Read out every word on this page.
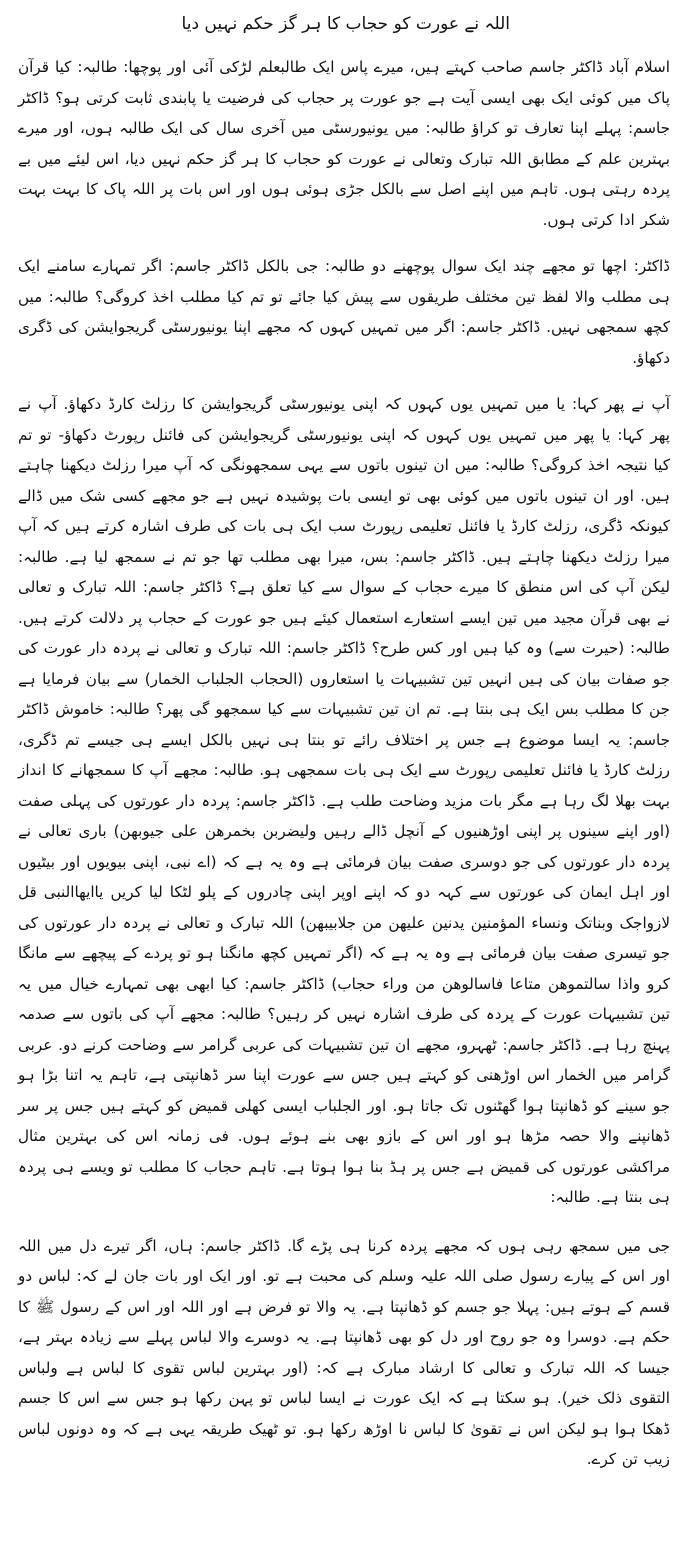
اللہ نے عورت کو حجاب کا ہر گز حکم نہیں دیا

اسلام آباد ڈاکٹر جاسم صاحب کہتے ہیں، میرے پاس ایک طالبعلم لڑکی آئی اور پوچھا: طالبہ: کیا قرآن پاک میں کوئی ایک بھی ایسی آیت ہے جو عورت پر حجاب کی فرضیت یا پابندی ثابت کرتی ہو؟ ڈاکٹر جاسم: پہلے اپنا تعارف تو کراؤ طالبہ: میں یونیورسٹی میں آخری سال کی ایک طالبہ ہوں، اور میرے بہترین علم کے مطابق اللہ تبارک وتعالی نے عورت کو حجاب کا ہر گز حکم نہیں دیا، اس لیئے میں بے پردہ رہتی ہوں. تاہم میں اپنے اصل سے بالکل جڑی ہوئی ہوں اور اس بات پر اللہ پاک کا بہت بہت شکر ادا کرتی ہوں.

ڈاکٹر: اچھا تو مجھے چند ایک سوال پوچھنے دو طالبہ: جی بالکل ڈاکٹر جاسم: اگر تمہارے سامنے ایک ہی مطلب والا لفظ تین مختلف طریقوں سے پیش کیا جائے تو تم کیا مطلب اخذ کروگی؟ طالبہ: میں کچھ سمجھی نہیں. ڈاکٹر جاسم: اگر میں تمہیں کہوں کہ مجھے اپنا یونیورسٹی گریجوایشن کی ڈگری دکھاؤ.

آپ نے پھر کہا: یا میں تمہیں یوں کہوں کہ اپنی یونیورسٹی گریجوایشن کا رزلٹ کارڈ دکھاؤ. آپ نے پھر کہا: یا پھر میں تمہیں یوں کہوں کہ اپنی یونیورسٹی گریجوایشن کی فائنل رپورٹ دکھاؤ- تو تم کیا نتیجہ اخذ کروگی؟ طالبہ: میں ان تینوں باتوں سے یہی سمجھونگی کہ آپ میرا رزلٹ دیکھنا چاہتے ہیں. اور ان تینوں باتوں میں کوئی بھی تو ایسی بات پوشیدہ نہیں ہے جو مجھے کسی شک میں ڈالے کیونکہ ڈگری، رزلٹ کارڈ یا فائنل تعلیمی رپورٹ سب ایک ہی بات کی طرف اشارہ کرتے ہیں کہ آپ میرا رزلٹ دیکھنا چاہتے ہیں. ڈاکٹر جاسم: بس، میرا بھی مطلب تھا جو تم نے سمجھ لیا ہے. طالبہ: لیکن آپ کی اس منطق کا میرے حجاب کے سوال سے کیا تعلق ہے؟ ڈاکٹر جاسم: اللہ تبارک و تعالی نے بھی قرآن مجید میں تین ایسے استعارے استعمال کیئے ہیں جو عورت کے حجاب پر دلالت کرتے ہیں. طالبہ: (حیرت سے) وہ کیا ہیں اور کس طرح؟ ڈاکٹر جاسم: اللہ تبارک و تعالی نے پردہ دار عورت کی جو صفات بیان کی ہیں انہیں تین تشبیہات یا استعاروں (الحجاب الجلباب الخمار) سے بیان فرمایا ہے جن کا مطلب بس ایک ہی بنتا ہے. تم ان تین تشبیہات سے کیا سمجھو گی پھر؟ طالبہ: خاموش ڈاکٹر جاسم: یہ ایسا موضوع ہے جس پر اختلاف رائے تو بنتا ہی نہیں بالکل ایسے ہی جیسے تم ڈگری، رزلٹ کارڈ یا فائنل تعلیمی رپورٹ سے ایک ہی بات سمجھی ہو. طالبہ: مجھے آپ کا سمجھانے کا انداز بہت بھلا لگ رہا ہے مگر بات مزید وضاحت طلب ہے. ڈاکٹر جاسم: پردہ دار عورتوں کی پہلی صفت (اور اپنے سینوں پر اپنی اوڑھنیوں کے آنچل ڈالے رہیں ولیضربن بخمرھن علی جیوبھن) باری تعالی نے پردہ دار عورتوں کی جو دوسری صفت بیان فرمائی ہے وہ یہ ہے کہ (اے نبی، اپنی بیویوں اور بیٹیوں اور اہل ایمان کی عورتوں سے کہہ دو کہ اپنے اوپر اپنی چادروں کے پلو لٹکا لیا کریں یاایھاالنبی قل لازواجک وبناتک ونساء المؤمنین یدنین علیھن من جلابیبھن) اللہ تبارک و تعالی نے پردہ دار عورتوں کی جو تیسری صفت بیان فرمائی ہے وہ یہ ہے کہ (اگر تمہیں کچھ مانگنا ہو تو پردے کے پیچھے سے مانگا کرو واذا سالتموھن متاعا فاسالوھن من وراء حجاب) ڈاکٹر جاسم: کیا ابھی بھی تمہارے خیال میں یہ تین تشبیہات عورت کے پردہ کی طرف اشارہ نہیں کر رہیں؟ طالبہ: مجھے آپ کی باتوں سے صدمہ پہنچ رہا ہے. ڈاکٹر جاسم: ٹھہرو، مجھے ان تین تشبیہات کی عربی گرامر سے وضاحت کرنے دو. عربی گرامر میں الخمار اس اوڑھنی کو کہتے ہیں جس سے عورت اپنا سر ڈھانپتی ہے، تاہم یہ اتنا بڑا ہو جو سینے کو ڈھانپتا ہوا گھٹنوں تک جاتا ہو. اور الجلباب ایسی کھلی قمیض کو کہتے ہیں جس پر سر ڈھانپنے والا حصہ مڑھا ہو اور اس کے بازو بھی بنے ہوئے ہوں. فی زمانہ اس کی بہترین مثال مراکشی عورتوں کی قمیض ہے جس پر ہڈ بنا ہوا ہوتا ہے. تاہم حجاب کا مطلب تو ویسے ہی پردہ ہی بنتا ہے. طالبہ:

جی میں سمجھ رہی ہوں کہ مجھے پردہ کرنا ہی پڑے گا. ڈاکٹر جاسم: ہاں، اگر تیرے دل میں اللہ اور اس کے پیارے رسول صلی اللہ علیہ وسلم کی محبت ہے تو. اور ایک اور بات جان لے کہ: لباس دو قسم کے ہوتے ہیں: پہلا جو جسم کو ڈھانپتا ہے. یہ والا تو فرض ہے اور اللہ اور اس کے رسول ﷺ کا حکم ہے. دوسرا وہ جو روح اور دل کو بھی ڈھانپتا ہے. یہ دوسرے والا لباس پہلے سے زیادہ بہتر ہے، جیسا کہ اللہ تبارک و تعالی کا ارشاد مبارک ہے کہ: (اور بہترین لباس تقوی کا لباس ہے ولباس التقوی ذلک خیر). ہو سکتا ہے کہ ایک عورت نے ایسا لباس تو پہن رکھا ہو جس سے اس کا جسم ڈھکا ہوا ہو لیکن اس نے تقویٰ کا لباس نا اوڑھ رکھا ہو. تو ٹھیک طریقہ یہی ہے کہ وہ دونوں لباس زیب تن کرے.
